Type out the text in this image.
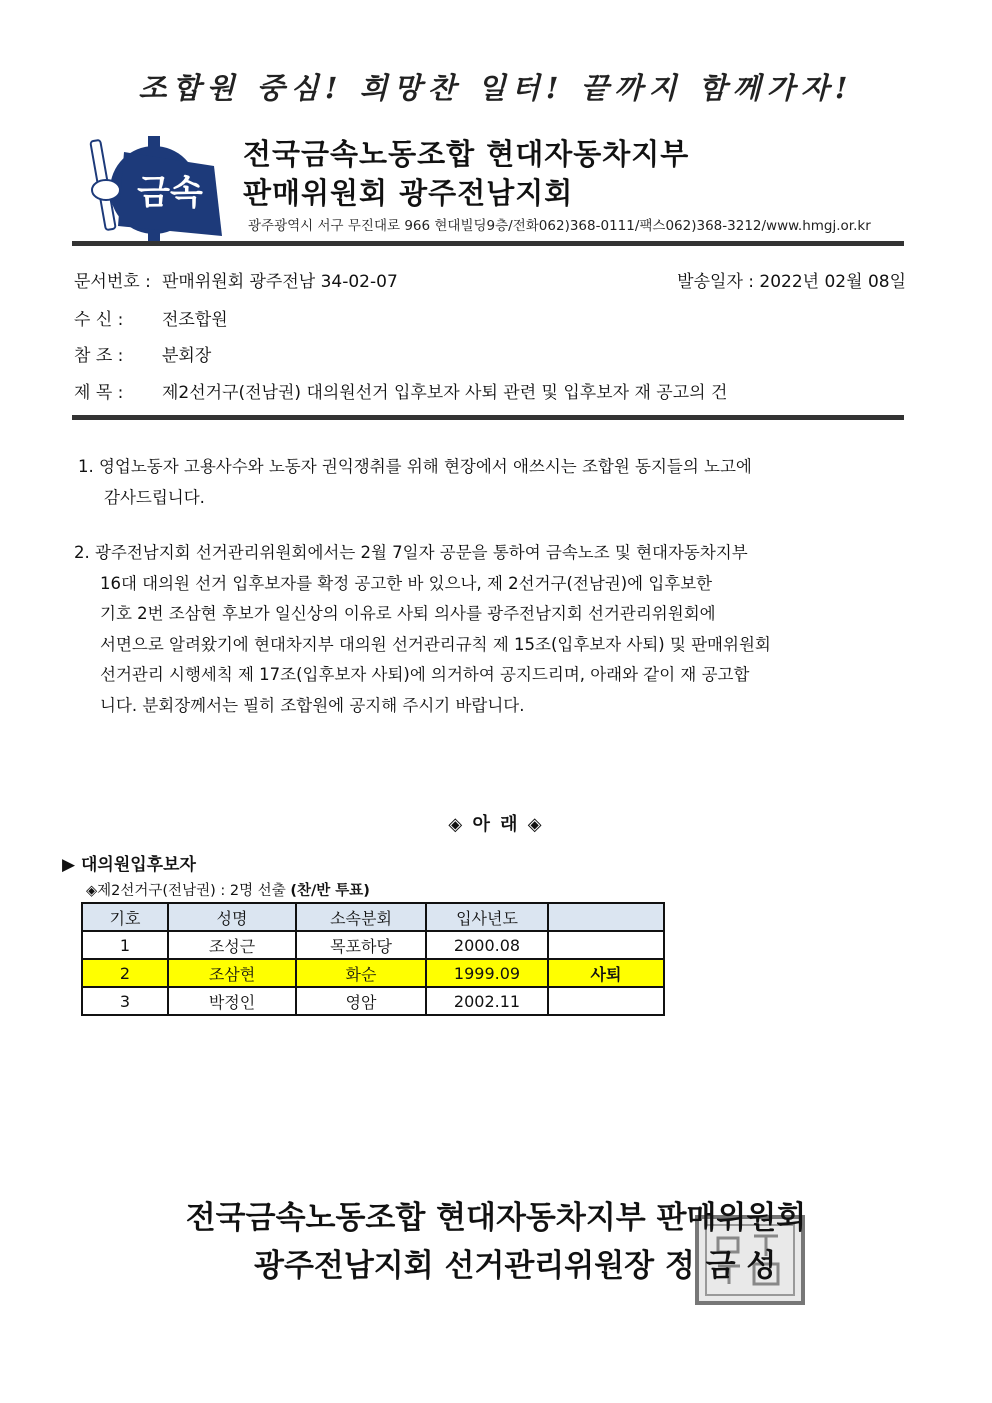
조합원 중심! 희망찬 일터! 끝까지 함께가자!
금속
전국금속노동조합 현대자동차지부
판매위원회 광주전남지회
광주광역시 서구 무진대로 966 현대빌딩9층/전화062)368-0111/팩스062)368-3212/www.hmgj.or.kr
문서번호 : 판매위원회 광주전남 34-02-07	발송일자 : 2022년 02월 08일
수 신 : 전조합원
참 조 : 분회장
제 목 : 제2선거구(전남권) 대의원선거 입후보자 사퇴 관련 및 입후보자 재 공고의 건
1. 영업노동자 고용사수와 노동자 권익쟁취를 위해 현장에서 애쓰시는 조합원 동지들의 노고에
감사드립니다.
2. 광주전남지회 선거관리위원회에서는 2월 7일자 공문을 통하여 금속노조 및 현대자동차지부
16대 대의원 선거 입후보자를 확정 공고한 바 있으나, 제 2선거구(전남권)에 입후보한
기호 2번 조삼현 후보가 일신상의 이유로 사퇴 의사를 광주전남지회 선거관리위원회에
서면으로 알려왔기에 현대차지부 대의원 선거관리규칙 제 15조(입후보자 사퇴) 및 판매위원회
선거관리 시행세칙 제 17조(입후보자 사퇴)에 의거하여 공지드리며, 아래와 같이 재 공고합
니다. 분회장께서는 필히 조합원에 공지해 주시기 바랍니다.
◈ 아 래 ◈
▶ 대의원입후보자
◈제2선거구(전남권) : 2명 선출 (찬/반 투표)
기호	성명	소속분회	입사년도	
1	조성근	목포하당	2000.08	
2	조삼현	화순	1999.09	사퇴
3	박정인	영암	2002.11	
전국금속노동조합 현대자동차지부 판매위원회
광주전남지회 선거관리위원장 정 금 성
